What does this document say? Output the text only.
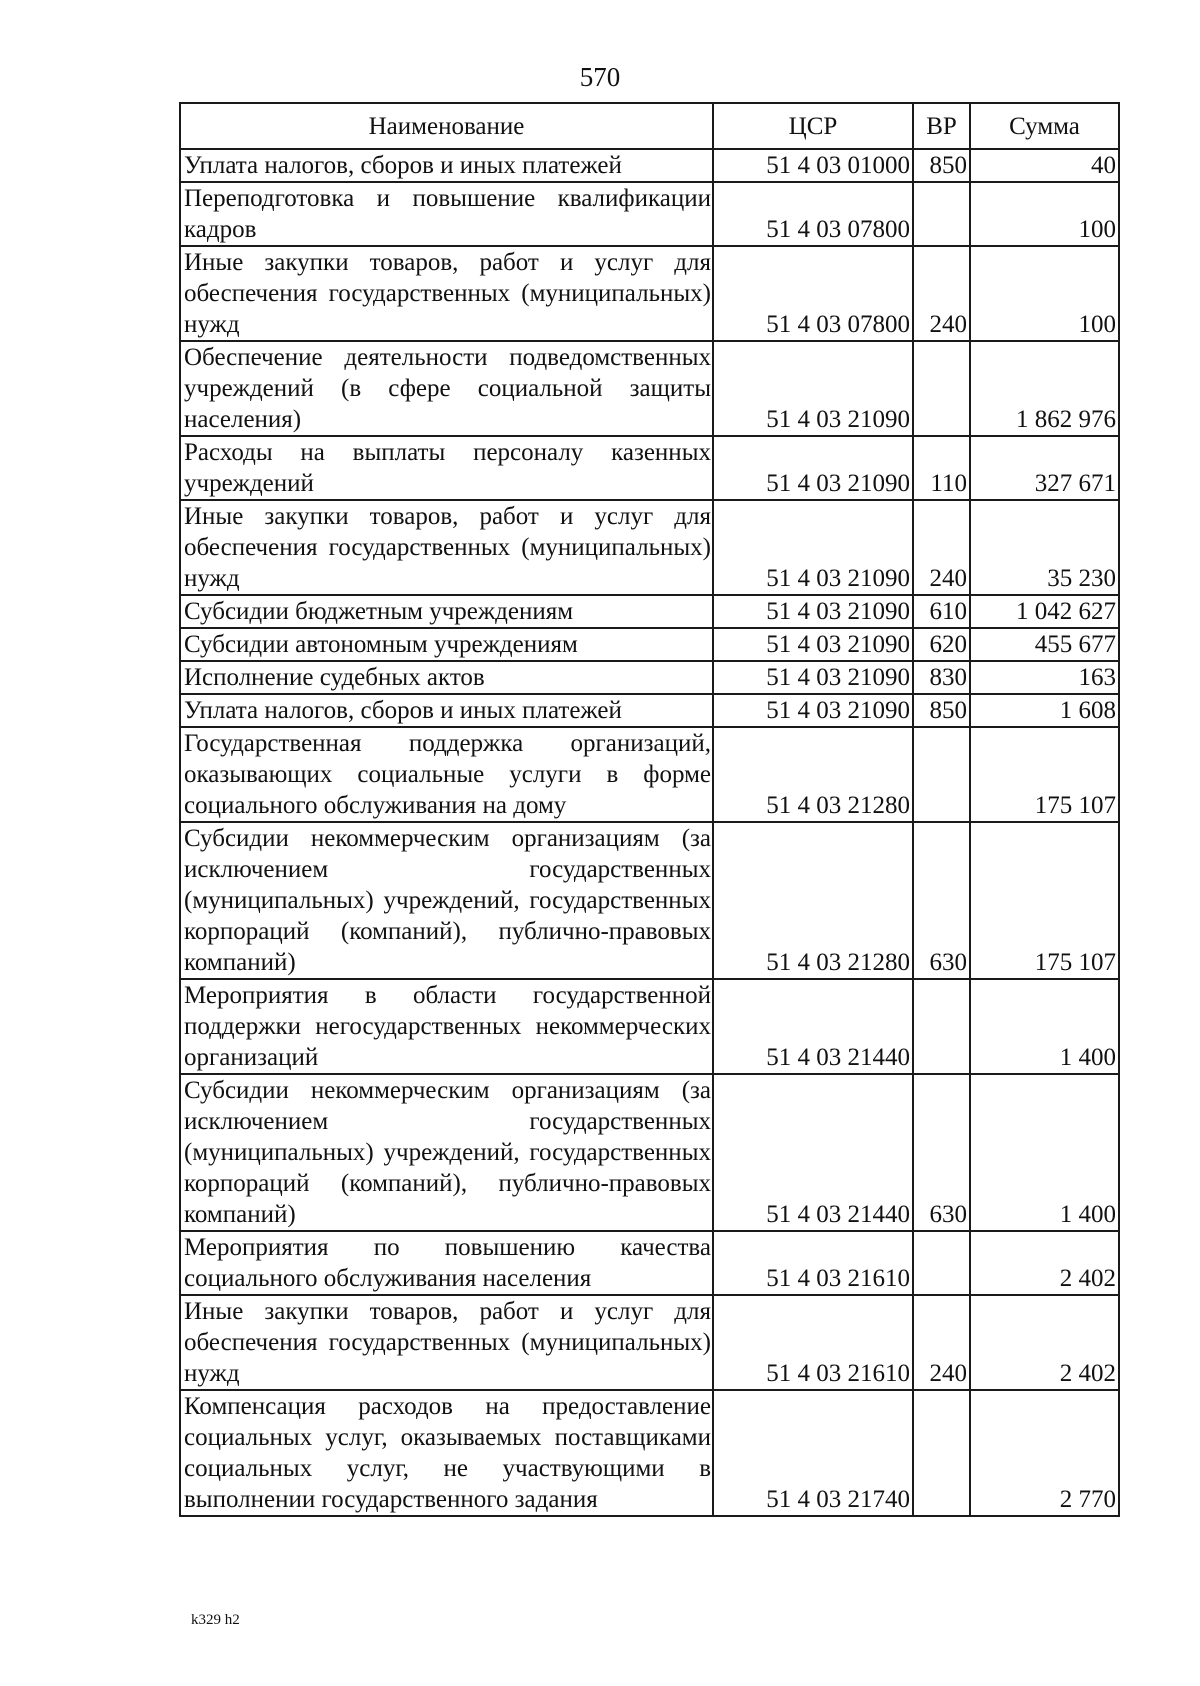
570
Наименование	ЦСР	ВР	Сумма
Уплата налогов, сборов и иных платежей	51 4 03 01000	850	40
Переподготовка и повышение квалификации кадров	51 4 03 07800		100
Иные закупки товаров, работ и услуг для обеспечения государственных (муниципальных) нужд	51 4 03 07800	240	100
Обеспечение деятельности подведомственных учреждений (в сфере социальной защиты населения)	51 4 03 21090		1 862 976
Расходы на выплаты персоналу казенных учреждений	51 4 03 21090	110	327 671
Иные закупки товаров, работ и услуг для обеспечения государственных (муниципальных) нужд	51 4 03 21090	240	35 230
Субсидии бюджетным учреждениям	51 4 03 21090	610	1 042 627
Субсидии автономным учреждениям	51 4 03 21090	620	455 677
Исполнение судебных актов	51 4 03 21090	830	163
Уплата налогов, сборов и иных платежей	51 4 03 21090	850	1 608
Государственная поддержка организаций, оказывающих социальные услуги в форме социального обслуживания на дому	51 4 03 21280		175 107
Субсидии некоммерческим организациям (за исключением государственных (муниципальных) учреждений, государственных корпораций (компаний), публично-правовых компаний)	51 4 03 21280	630	175 107
Мероприятия в области государственной поддержки негосударственных некоммерческих организаций	51 4 03 21440		1 400
Субсидии некоммерческим организациям (за исключением государственных (муниципальных) учреждений, государственных корпораций (компаний), публично-правовых компаний)	51 4 03 21440	630	1 400
Мероприятия по повышению качества социального обслуживания населения	51 4 03 21610		2 402
Иные закупки товаров, работ и услуг для обеспечения государственных (муниципальных) нужд	51 4 03 21610	240	2 402
Компенсация расходов на предоставление социальных услуг, оказываемых поставщиками социальных услуг, не участвующими в выполнении государственного задания	51 4 03 21740		2 770
k329 h2
